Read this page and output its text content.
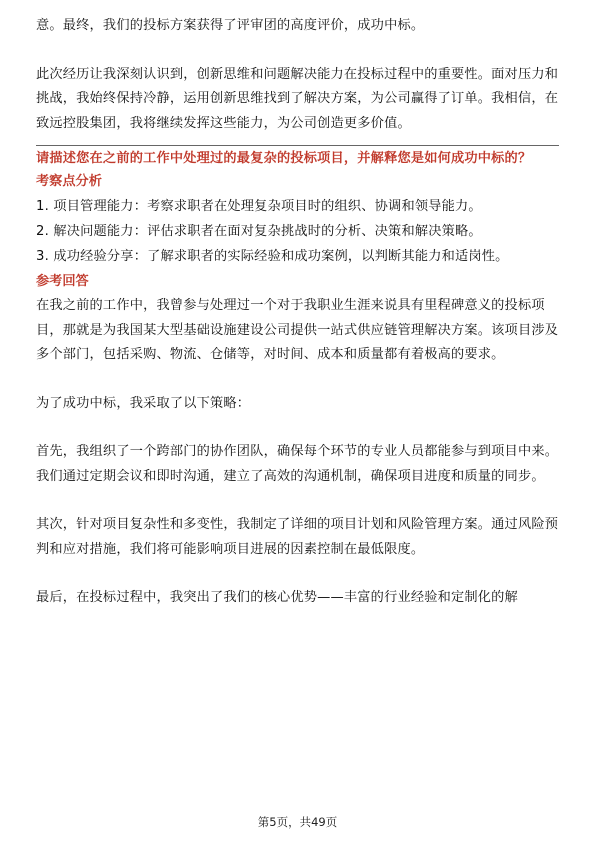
意。最终，我们的投标方案获得了评审团的高度评价，成功中标。

此次经历让我深刻认识到，创新思维和问题解决能力在投标过程中的重要性。面对压力和挑战，我始终保持冷静，运用创新思维找到了解决方案，为公司赢得了订单。我相信，在致远控股集团，我将继续发挥这些能力，为公司创造更多价值。

请描述您在之前的工作中处理过的最复杂的投标项目，并解释您是如何成功中标的？

考察点分析
1. 项目管理能力：考察求职者在处理复杂项目时的组织、协调和领导能力。
2. 解决问题能力：评估求职者在面对复杂挑战时的分析、决策和解决策略。
3. 成功经验分享：了解求职者的实际经验和成功案例，以判断其能力和适岗性。
参考回答

在我之前的工作中，我曾参与处理过一个对于我职业生涯来说具有里程碑意义的投标项目，那就是为我国某大型基础设施建设公司提供一站式供应链管理解决方案。该项目涉及多个部门，包括采购、物流、仓储等，对时间、成本和质量都有着极高的要求。

为了成功中标，我采取了以下策略：

首先，我组织了一个跨部门的协作团队，确保每个环节的专业人员都能参与到项目中来。我们通过定期会议和即时沟通，建立了高效的沟通机制，确保项目进度和质量的同步。

其次，针对项目复杂性和多变性，我制定了详细的项目计划和风险管理方案。通过风险预判和应对措施，我们将可能影响项目进展的因素控制在最低限度。

最后，在投标过程中，我突出了我们的核心优势——丰富的行业经验和定制化的解

第5页，共49页
